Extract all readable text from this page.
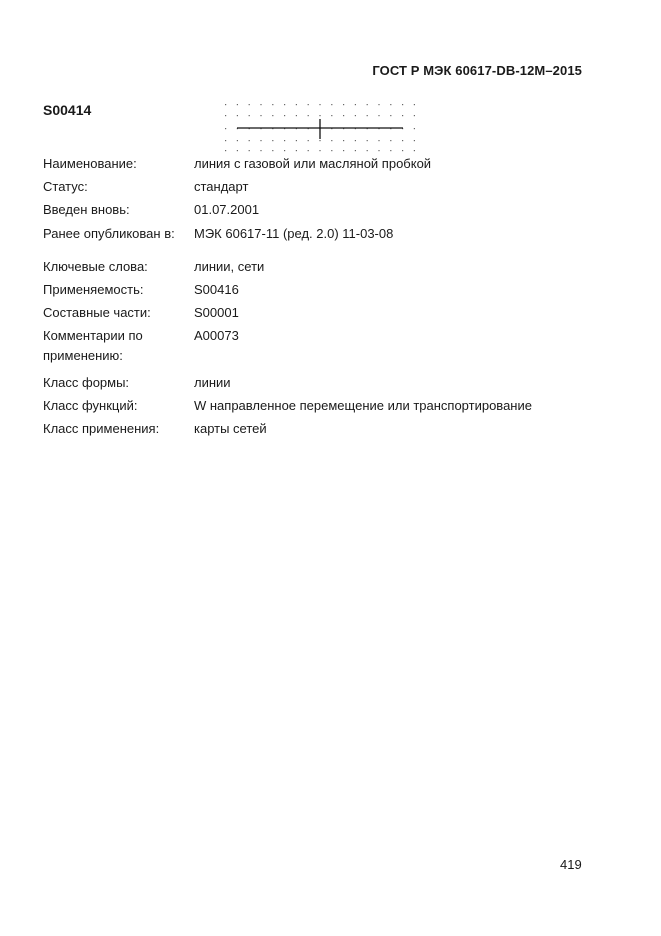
ГОСТ Р МЭК 60617-DB-12M–2015
S00414
Наименование:	линия с газовой или масляной пробкой
Статус:	стандарт
Введен вновь:	01.07.2001
Ранее опубликован в:	МЭК 60617-11 (ред. 2.0) 11-03-08
Ключевые слова:	линии, сети
Применяемость:	S00416
Составные части:	S00001
Комментарии по применению:
A00073
Класс формы:	линии
Класс функций:	W направленное перемещение или транспортирование
Класс применения:	карты сетей
419
